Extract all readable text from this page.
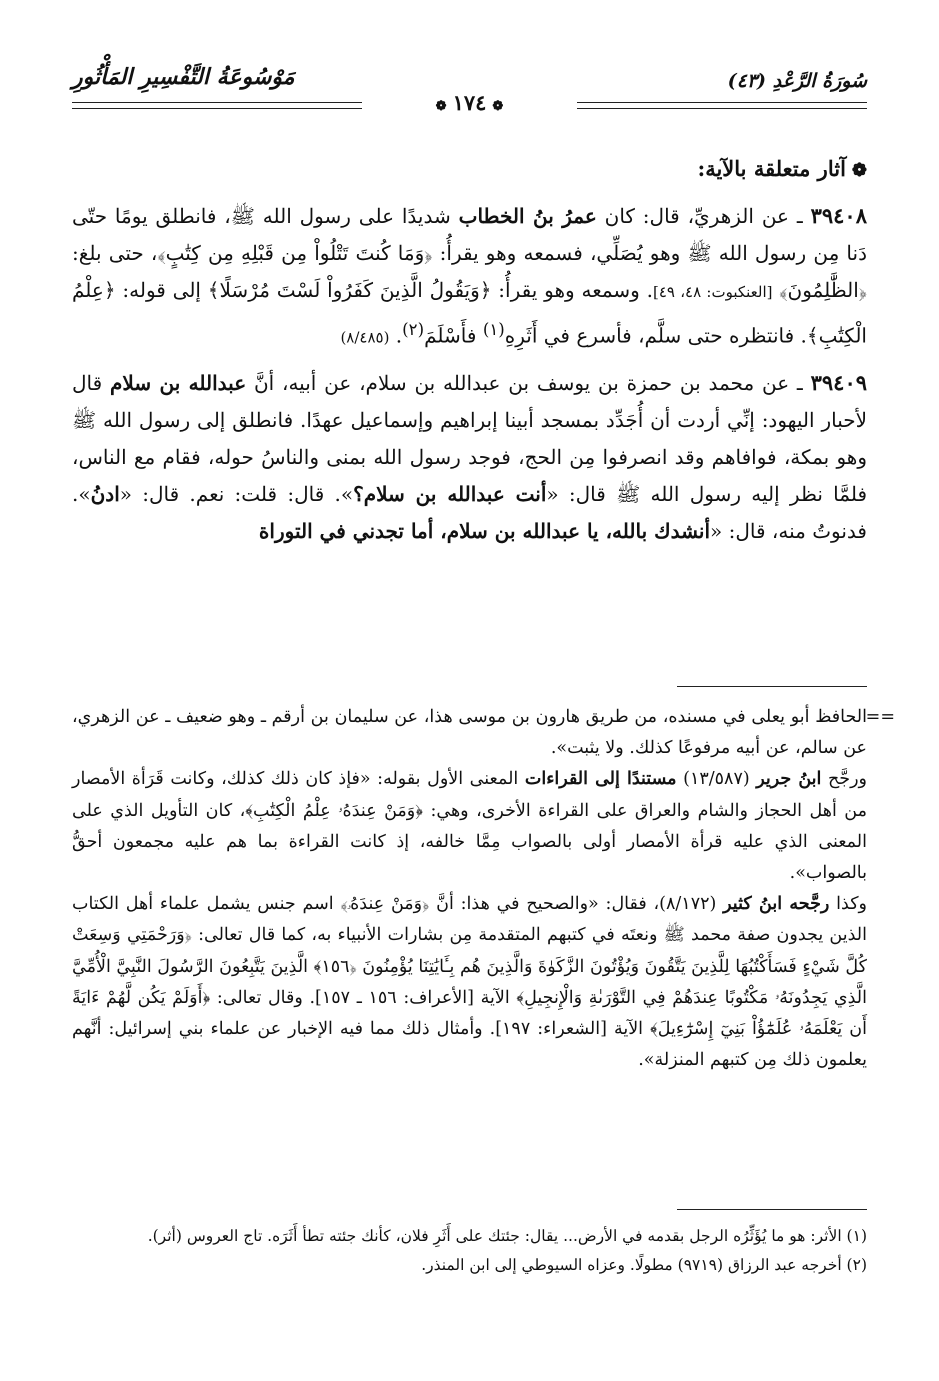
سُورَةُ الرَّعْدِ (٤٣)
❁١٧٤❁
مَوْسُوعَةُ التَّفْسِيرِ المَأْثُورِ
❁آثار متعلقة بالآية:

٣٩٤٠٨ ـ عن الزهريِّ، قال: كان عمرُ بنُ الخطاب شديدًا على رسول الله ﷺ، فانطلق يومًا حتّى دَنا مِن رسول الله ﷺ وهو يُصَلِّي، فسمعه وهو يقرأُ: ﴿وَمَا كُنتَ تَتْلُواْ مِن قَبْلِهِ مِن كِتَٰبٍ﴾، حتى بلغ: ﴿الظَّٰلِمُونَ﴾ [العنكبوت: ٤٨، ٤٩]. وسمعه وهو يقرأُ: ﴿وَيَقُولُ الَّذِينَ كَفَرُواْ لَسْتَ مُرْسَلًا﴾ إلى قوله: ﴿عِلْمُ الْكِتَٰبِ﴾. فانتظره حتى سلَّم، فأسرع في أَثَرِهِ$^{(١)}$ فأَسْلَمَ$^{(٢)}$. (٨/٤٨٥)

٣٩٤٠٩ ـ عن محمد بن حمزة بن يوسف بن عبدالله بن سلام، عن أبيه، أنَّ عبدالله بن سلام قال لأحبار اليهود: إنِّي أردت أن أُجَدِّد بمسجد أبينا إبراهيم وإسماعيل عهدًا. فانطلق إلى رسول الله ﷺ وهو بمكة، فوافاهم وقد انصرفوا مِن الحج، فوجد رسول الله بمنى والناسُ حوله، فقام مع الناس، فلمَّا نظر إليه رسول الله ﷺ قال: «أنت عبدالله بن سلام؟». قال: قلت: نعم. قال: «ادنُ». فدنوتُ منه، قال: «أنشدك بالله، يا عبدالله بن سلام، أما تجدني في التوراة

==

الحافظ أبو يعلى في مسنده، من طريق هارون بن موسى هذا، عن سليمان بن أرقم ـ وهو ضعيف ـ عن الزهري، عن سالم، عن أبيه مرفوعًا كذلك. ولا يثبت».

ورجَّح ابنُ جرير (١٣/٥٨٧) مستندًا إلى القراءات المعنى الأول بقوله: «فإذ كان ذلك كذلك، وكانت قَرَأة الأمصار من أهل الحجاز والشام والعراق على القراءة الأخرى، وهي: ﴿وَمَنْ عِندَهُۥ عِلْمُ الْكِتَٰبِ﴾، كان التأويل الذي على المعنى الذي عليه قرأة الأمصار أولى بالصواب مِمَّا خالفه، إذ كانت القراءة بما هم عليه مجمعون أحقُّ بالصواب».

وكذا رجَّحه ابنُ كثير (٨/١٧٢)، فقال: «والصحيح في هذا: أنَّ ﴿وَمَنْ عِندَهُۥ﴾ اسم جنس يشمل علماء أهل الكتاب الذين يجدون صفة محمد ﷺ ونعتَه في كتبهم المتقدمة مِن بشارات الأنبياء به، كما قال تعالى: ﴿وَرَحْمَتِي وَسِعَتْ كُلَّ شَيْءٍ فَسَأَكْتُبُهَا لِلَّذِينَ يَتَّقُونَ وَيُؤْتُونَ الزَّكَوٰةَ وَالَّذِينَ هُم بِـَٔايَٰتِنَا يُؤْمِنُونَ ﴿١٥٦﴾ الَّذِينَ يَتَّبِعُونَ الرَّسُولَ النَّبِيَّ الْأُمِّيَّ الَّذِي يَجِدُونَهُۥ مَكْتُوبًا عِندَهُمْ فِي التَّوْرَىٰةِ وَالْإِنجِيلِ﴾ الآية [الأعراف: ١٥٦ ـ ١٥٧]. وقال تعالى: ﴿أَوَلَمْ يَكُن لَّهُمْ ءَايَةً أَن يَعْلَمَهُۥ عُلَمَٰٓؤُاْ بَنِيٓ إِسْرَٰٓءِيلَ﴾ الآية [الشعراء: ١٩٧]. وأمثال ذلك مما فيه الإخبار عن علماء بني إسرائيل: أنَّهم يعلمون ذلك مِن كتبهم المنزلة».

(١) الأثر: هو ما يُؤَثِّرُه الرجل بقدمه في الأرض... يقال: جئتك على أَثَرِ فلان، كأنك جئته تطأ أَثَرَه. تاج العروس (أثر).

(٢) أخرجه عبد الرزاق (٩٧١٩) مطولًا. وعزاه السيوطي إلى ابن المنذر.
